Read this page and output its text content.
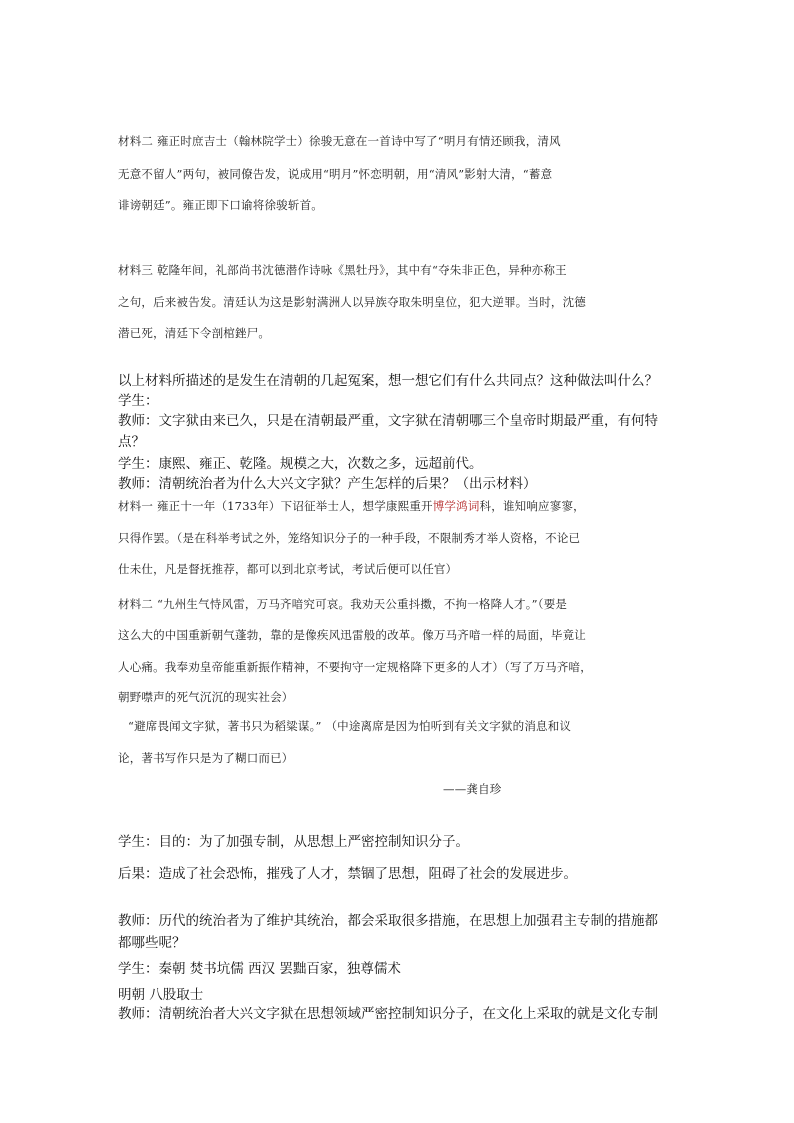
材料二 雍正时庶吉士（翰林院学士）徐骏无意在一首诗中写了“明月有情还顾我，清风
无意不留人”两句，被同僚告发，说成用“明月”怀恋明朝，用“清风”影射大清，“蓄意
诽谤朝廷”。雍正即下口谕将徐骏斩首。
材料三 乾隆年间，礼部尚书沈德潜作诗咏《黑牡丹》，其中有“夺朱非正色，异种亦称王
之句，后来被告发。清廷认为这是影射满洲人以异族夺取朱明皇位，犯大逆罪。当时，沈德
潜已死，清廷下令剖棺銼尸。
以上材料所描述的是发生在清朝的几起冤案，想一想它们有什么共同点？这种做法叫什么？
学生：
教师：文字狱由来已久，只是在清朝最严重，文字狱在清朝哪三个皇帝时期最严重，有何特
点？
学生：康熙、雍正、乾隆。规模之大，次数之多，远超前代。
教师：清朝统治者为什么大兴文字狱？产生怎样的后果？（出示材料）
材料一 雍正十一年（1733年）下诏征举士人，想学康熙重开博学鸿词科，谁知响应寥寥，
只得作罢。（是在科举考试之外，笼络知识分子的一种手段，不限制秀才举人资格，不论已
仕未仕，凡是督抚推荐，都可以到北京考试，考试后便可以任官）
材料二 “九州生气恃风雷，万马齐喑究可哀。我劝天公重抖擞，不拘一格降人才。”（要是
这么大的中国重新朝气蓬勃，靠的是像疾风迅雷般的改革。像万马齐喑一样的局面，毕竟让
人心痛。我奉劝皇帝能重新振作精神，不要拘守一定规格降下更多的人才）（写了万马齐喑，
朝野噤声的死气沉沉的现实社会）
“避席畏闻文字狱，著书只为稻粱谋。” （中途离席是因为怕听到有关文字狱的消息和议
论，著书写作只是为了糊口而已）
——龚自珍
学生：目的：为了加强专制，从思想上严密控制知识分子。
后果：造成了社会恐怖，摧残了人才，禁锢了思想，阻碍了社会的发展进步。
教师：历代的统治者为了维护其统治，都会采取很多措施，在思想上加强君主专制的措施都
都哪些呢？
学生：秦朝 焚书坑儒 西汉 罢黜百家，独尊儒术
明朝 八股取士
教师：清朝统治者大兴文字狱在思想领域严密控制知识分子，在文化上采取的就是文化专制
